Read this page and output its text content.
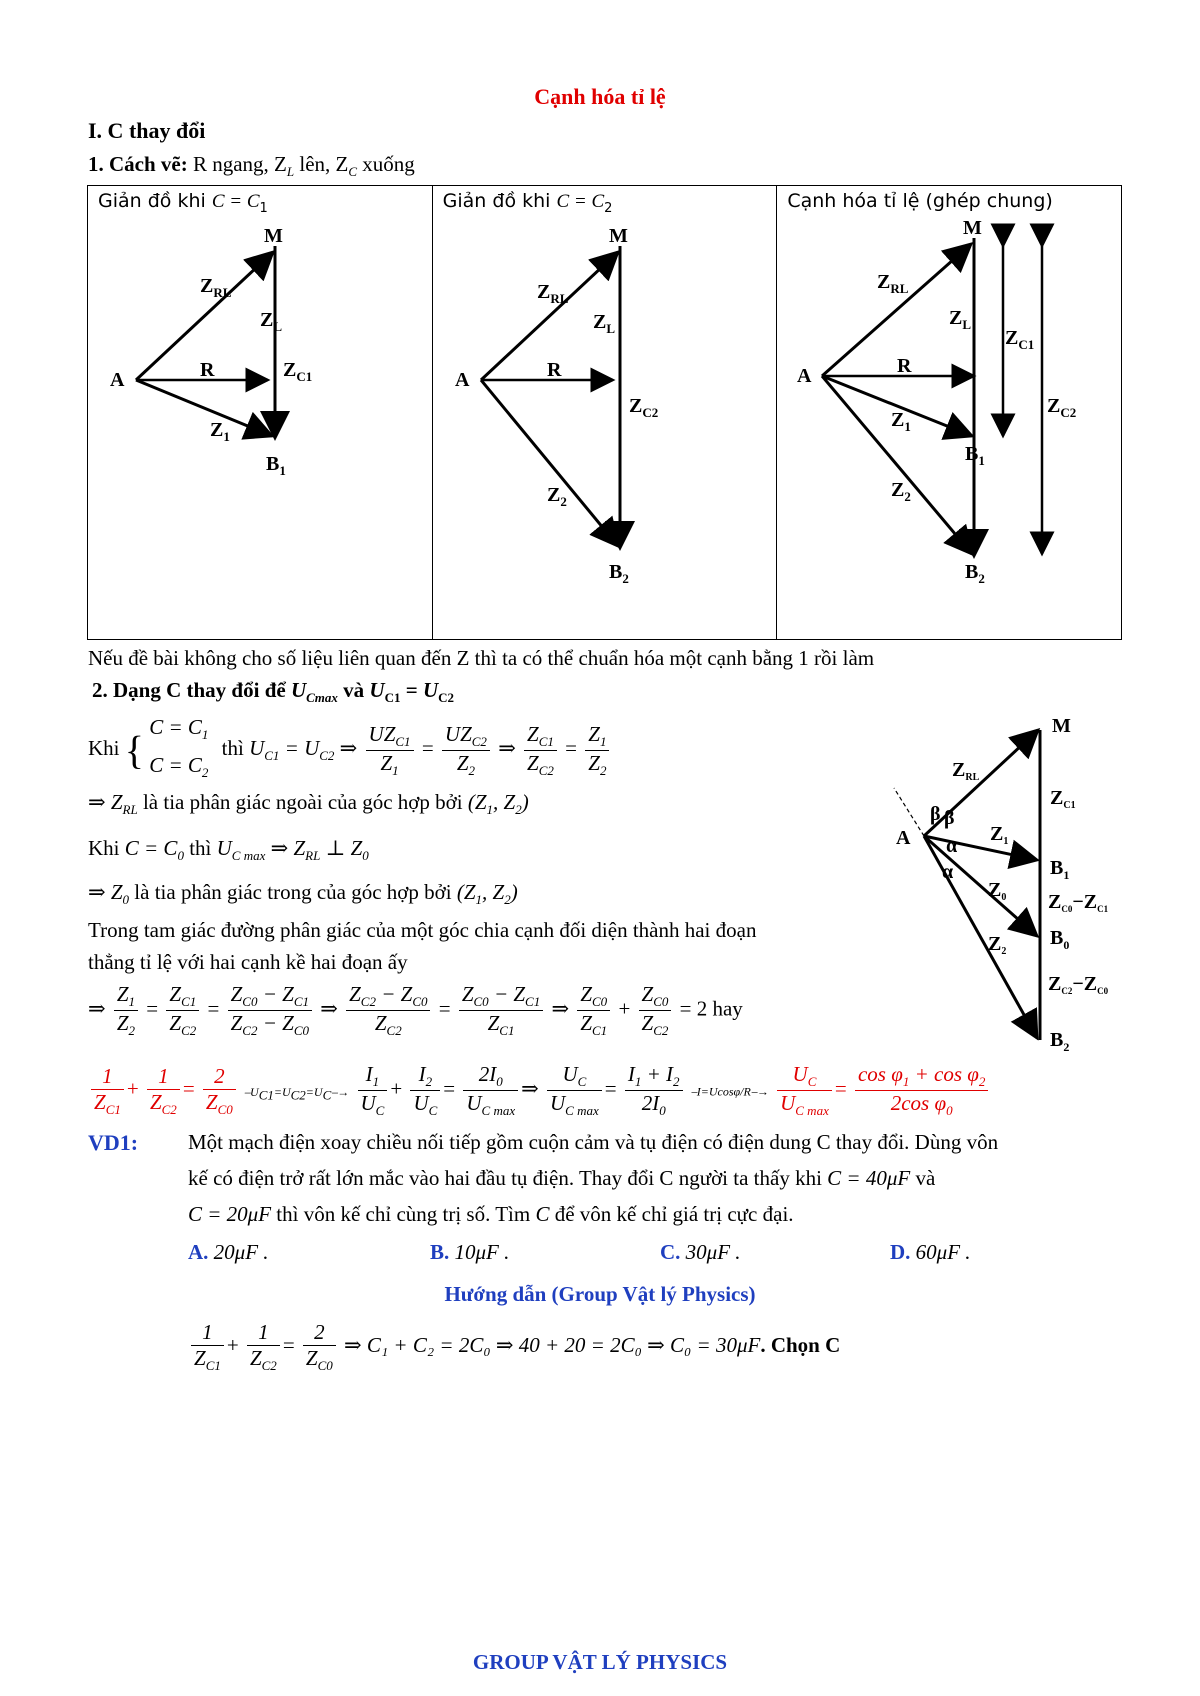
Cạnh hóa tỉ lệ
I. C thay đổi
1. Cách vẽ: R ngang, $Z_L$ lên, $Z_C$ xuống
Giản đồ khi $C = C_1$
A
M
$Z_{RL}$
R
$Z_L$
$Z_{C1}$
$Z_1$
$B_1$

Giản đồ khi $C = C_2$
A
M
$Z_{RL}$
R
$Z_L$
$Z_{C2}$
$Z_2$
$B_2$

Cạnh hóa tỉ lệ (ghép chung)
A
M
$Z_{RL}$
R
$Z_L$
$Z_{C1}$
$Z_{C2}$
$Z_1$
$Z_2$
$B_1$
$B_2$
Nếu đề bài không cho số liệu liên quan đến Z thì ta có thể chuẩn hóa một cạnh bằng 1 rồi làm
2. Dạng C thay đổi để $U_{Cmax}$ và $U_{C1} = U_{C2}$
Khi { $C = C_1$
$C = C_2$ thì $U_{C1} = U_{C2}$ ⇒ $\frac{UZ_{C1}}{Z_1} = \frac{UZ_{C2}}{Z_2}$ ⇒ $\frac{Z_{C1}}{Z_{C2}} = \frac{Z_1}{Z_2}$
⇒ $Z_{RL}$ là tia phân giác ngoài của góc hợp bởi ($Z_1$, $Z_2$)
Khi $C = C_0$ thì $U_{C max}$ ⇒ $Z_{RL}$ ⊥ $Z_0$
⇒ $Z_0$ là tia phân giác trong của góc hợp bởi ($Z_1$, $Z_2$)
Trong tam giác đường phân giác của một góc chia cạnh đối diện thành hai đoạn
thẳng tỉ lệ với hai cạnh kề hai đoạn ấy
⇒ $\frac{Z_1}{Z_2} = \frac{Z_{C1}}{Z_{C2}} = \frac{Z_{C0} - Z_{C1}}{Z_{C2} - Z_{C0}}$ ⇒ $\frac{Z_{C2} - Z_{C0}}{Z_{C2}} = \frac{Z_{C0} - Z_{C1}}{Z_{C1}}$ ⇒ $\frac{Z_{C0}}{Z_{C1}} + \frac{Z_{C0}}{Z_{C2}} = 2$ hay
$\frac{1}{Z_{C1}} + \frac{1}{Z_{C2}} = \frac{2}{Z_{C0}}$ $⎯U_{C1}=U_{C2}=U_C⎯\to \frac{I_1}{U_C} + \frac{I_2}{U_C} = \frac{2I_0}{U_{C max}}$ ⇒ $\frac{U_C}{U_{C max}} = \frac{I_1 + I_2}{2I_0}$ ⎯I=Ucosφ/R⎯→ $\frac{U_C}{U_{C max}} = \frac{\cos \varphi_1 + \cos \varphi_2}{2\cos \varphi_0}$
A
M
$Z_{RL}$
$Z_{C1}$
$Z_1$
$Z_0$
$Z_2$
$B_1$
$Z_{C0}-Z_{C1}$
$B_0$
$Z_{C2}-Z_{C0}$
$B_2$
β β
α
α
VD1: Một mạch điện xoay chiều nối tiếp gồm cuộn cảm và tụ điện có điện dung C thay đổi. Dùng vôn
kế có điện trở rất lớn mắc vào hai đầu tụ điện. Thay đổi C người ta thấy khi C = 40μF và
C = 20μF thì vôn kế chỉ cùng trị số. Tìm C để vôn kế chỉ giá trị cực đại.
A. 20μF .	B. 10μF .	C. 30μF .	D. 60μF .
Hướng dẫn (Group Vật lý Physics)
$\frac{1}{Z_{C1}} + \frac{1}{Z_{C2}} = \frac{2}{Z_{C0}}$ ⇒ C₁ + C₂ = 2C₀ ⇒ 40 + 20 = 2C₀ ⇒ C₀ = 30μF. Chọn C
GROUP VẬT LÝ PHYSICS
